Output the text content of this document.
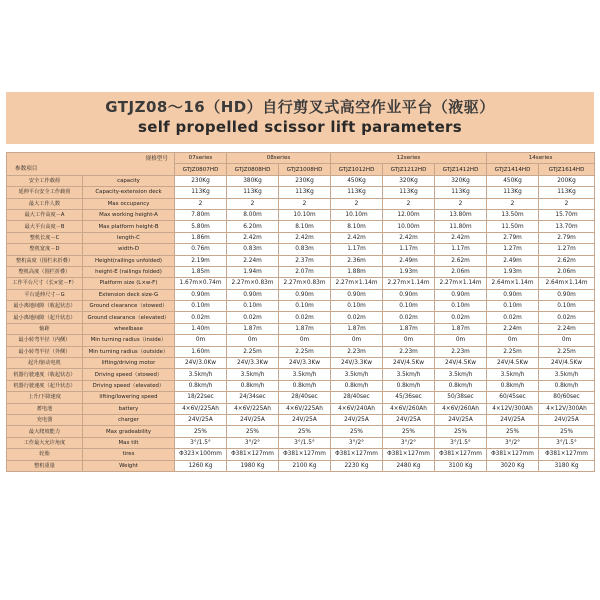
GTJZ08～16（HD）自行剪叉式高空作业平台（液驱）
self propelled scissor lift parameters
规格型号
参数项目		07series	08series		12series			14series	
		GTJZ0807HD	GTJZ0808HD	GTJZ1008HD	GTJZ1012HD	GTJZ1212HD	GTJZ1412HD	GTJZ1414HD	GTJZ1614HD
安全工作载荷	capacity	230Kg	380Kg	230Kg	450Kg	320Kg	320Kg	450Kg	200Kg
延伸平台安全工作载荷	Capacity-extension deck	113Kg	113Kg	113Kg	113Kg	113Kg	113Kg	113Kg	113Kg
最大工作人数	Max occupancy	2	2	2	2	2	2	2	2
最大工作高度－A	Max working height-A	7.80m	8.00m	10.10m	10.10m	12.00m	13.80m	13.50m	15.70m
最大平台高度－B	Max platform height-B	5.80m	6.20m	8.10m	8.10m	10.00m	11.80m	11.50m	13.70m
整机长度－C	length-C	1.86m	2.42m	2.42m	2.42m	2.42m	2.42m	2.79m	2.79m
整机宽度－D	width-D	0.76m	0.83m	0.83m	1.17m	1.17m	1.17m	1.27m	1.27m
整机高度（围栏未折叠）	Height(railings unfolded)	2.19m	2.24m	2.37m	2.36m	2.49m	2.62m	2.49m	2.62m
整机高度（围栏折叠）	height-E (railings folded)	1.85m	1.94m	2.07m	1.88m	1.93m	2.06m	1.93m	2.06m
工作平台尺寸（长×宽－F）	Platform size (L×w-F)	1.67m×0.74m	2.27m×0.83m	2.27m×0.83m	2.27m×1.14m	2.27m×1.14m	2.27m×1.14m	2.64m×1.14m	2.64m×1.14m
平台延伸尺寸－G	Extension deck size-G	0.90m	0.90m	0.90m	0.90m	0.90m	0.90m	0.90m	0.90m
最小离地间隙（收起状态）	Ground clearance（stowed）	0.10m	0.10m	0.10m	0.10m	0.10m	0.10m	0.10m	0.10m
最小离地间隙（起升状态）	Ground clearance（elevated）	0.02m	0.02m	0.02m	0.02m	0.02m	0.02m	0.02m	0.02m
轴距	wheelbase	1.40m	1.87m	1.87m	1.87m	1.87m	1.87m	2.24m	2.24m
最小转弯半径（内侧）	Min turning radius（inside）	0m	0m	0m	0m	0m	0m	0m	0m
最小转弯半径（外侧）	Min turning radius（outside）	1.60m	2.25m	2.25m	2.23m	2.23m	2.23m	2.25m	2.25m
起升/驱动电机	lifting/driving motor	24V/3.0Kw	24V/3.3Kw	24V/3.3Kw	24V/3.3Kw	24V/4.5Kw	24V/4.5Kw	24V/4.5Kw	24V/4.5Kw
机器行驶速度（收起状态）	Driving speed（stowed）	3.5km/h	3.5km/h	3.5km/h	3.5km/h	3.5km/h	3.5km/h	3.5km/h	3.5km/h
机器行驶速度（起升状态）	Driving speed（elevated）	0.8km/h	0.8km/h	0.8km/h	0.8km/h	0.8km/h	0.8km/h	0.8km/h	0.8km/h
上升/下降速度	lifting/lowering speed	18/22sec	24/34sec	28/40sec	28/40sec	45/36sec	50/38sec	60/45sec	80/60sec
蓄电池	battery	4×6V/225Ah	4×6V/225Ah	4×6V/225Ah	4×6V/240Ah	4×6V/260Ah	4×6V/260Ah	4×12V/300Ah	4×12V/300Ah
充电器	charger	24V/25A	24V/25A	24V/25A	24V/25A	24V/25A	24V/25A	24V/25A	24V/25A
最大爬坡能力	Max gradeability	25%	25%	25%	25%	25%	25%	25%	25%
工作最大允许角度	Max tilt	3°/1.5°	3°/2°	3°/1.5°	3°/2°	3°/2°	3°/1.5°	3°/2°	3°/1.5°
轮胎	tires	Φ323×100mm	Φ381×127mm	Φ381×127mm	Φ381×127mm	Φ381×127mm	Φ381×127mm	Φ381×127mm	Φ381×127mm
整机重量	Weight	1260 Kg	1980 Kg	2100 Kg	2230 Kg	2480 Kg	3100 Kg	3020 Kg	3180 Kg
